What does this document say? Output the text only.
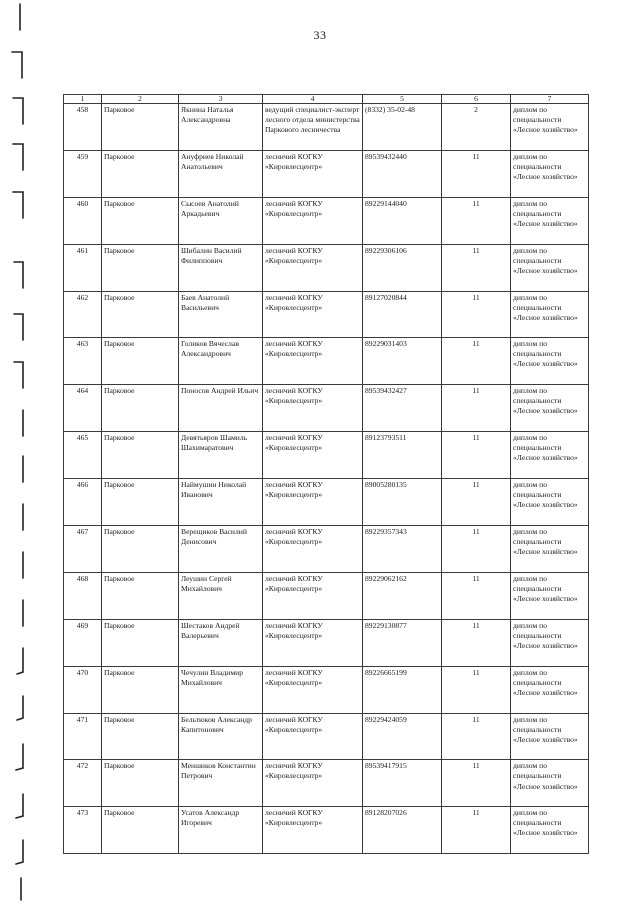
33
1	2	3	4	5	6	7
458	Парковое	Якнина Наталья Александровна	ведущий специалист-эксперт лесного отдела министерства Паркового лесничества	(8332) 35-02-48	2	диплом по специальности «Лесное хозяйство»
459	Парковое	Ануфриев Николай Анатольевич	лесничий КОГКУ «Кировлесцентр»	89539432440	11	диплом по специальности «Лесное хозяйство»
460	Парковое	Сысоев Анатолий Аркадьевич	лесничий КОГКУ «Кировлесцентр»	89229144040	11	диплом по специальности «Лесное хозяйство»
461	Парковое	Шибалин Василий Филиппович	лесничий КОГКУ «Кировлесцентр»	89229306106	11	диплом по специальности «Лесное хозяйство»
462	Парковое	Баев Анатолий Васильевич	лесничий КОГКУ «Кировлесцентр»	89127020844	11	диплом по специальности «Лесное хозяйство»
463	Парковое	Голиков Вячеслав Александрович	лесничий КОГКУ «Кировлесцентр»	89229031403	11	диплом по специальности «Лесное хозяйство»
464	Парковое	Поносов Андрей Ильич	лесничий КОГКУ «Кировлесцентр»	89539432427	11	диплом по специальности «Лесное хозяйство»
465	Парковое	Девятьяров Шамиль Шахимаратович	лесничий КОГКУ «Кировлесцентр»	89123793511	11	диплом по специальности «Лесное хозяйство»
466	Парковое	Наймушин Николай Иванович	лесничий КОГКУ «Кировлесцентр»	89005280135	11	диплом по специальности «Лесное хозяйство»
467	Парковое	Верещиков Василий Денисович	лесничий КОГКУ «Кировлесцентр»	89229357343	11	диплом по специальности «Лесное хозяйство»
468	Парковое	Леушин Сергей Михайлович	лесничий КОГКУ «Кировлесцентр»	89229062162	11	диплом по специальности «Лесное хозяйство»
469	Парковое	Шестаков Андрей Валерьевич	лесничий КОГКУ «Кировлесцентр»	89229130877	11	диплом по специальности «Лесное хозяйство»
470	Парковое	Чечулин Владимир Михайлович	лесничий КОГКУ «Кировлесцентр»	89226665199	11	диплом по специальности «Лесное хозяйство»
471	Парковое	Бельтюков Александр Капитонович	лесничий КОГКУ «Кировлесцентр»	89229424059	11	диплом по специальности «Лесное хозяйство»
472	Парковое	Меншиков Константин Петрович	лесничий КОГКУ «Кировлесцентр»	89539417915	11	диплом по специальности «Лесное хозяйство»
473	Парковое	Усатов Александр Игоревич	лесничий КОГКУ «Кировлесцентр»	89128207026	11	диплом по специальности «Лесное хозяйство»
